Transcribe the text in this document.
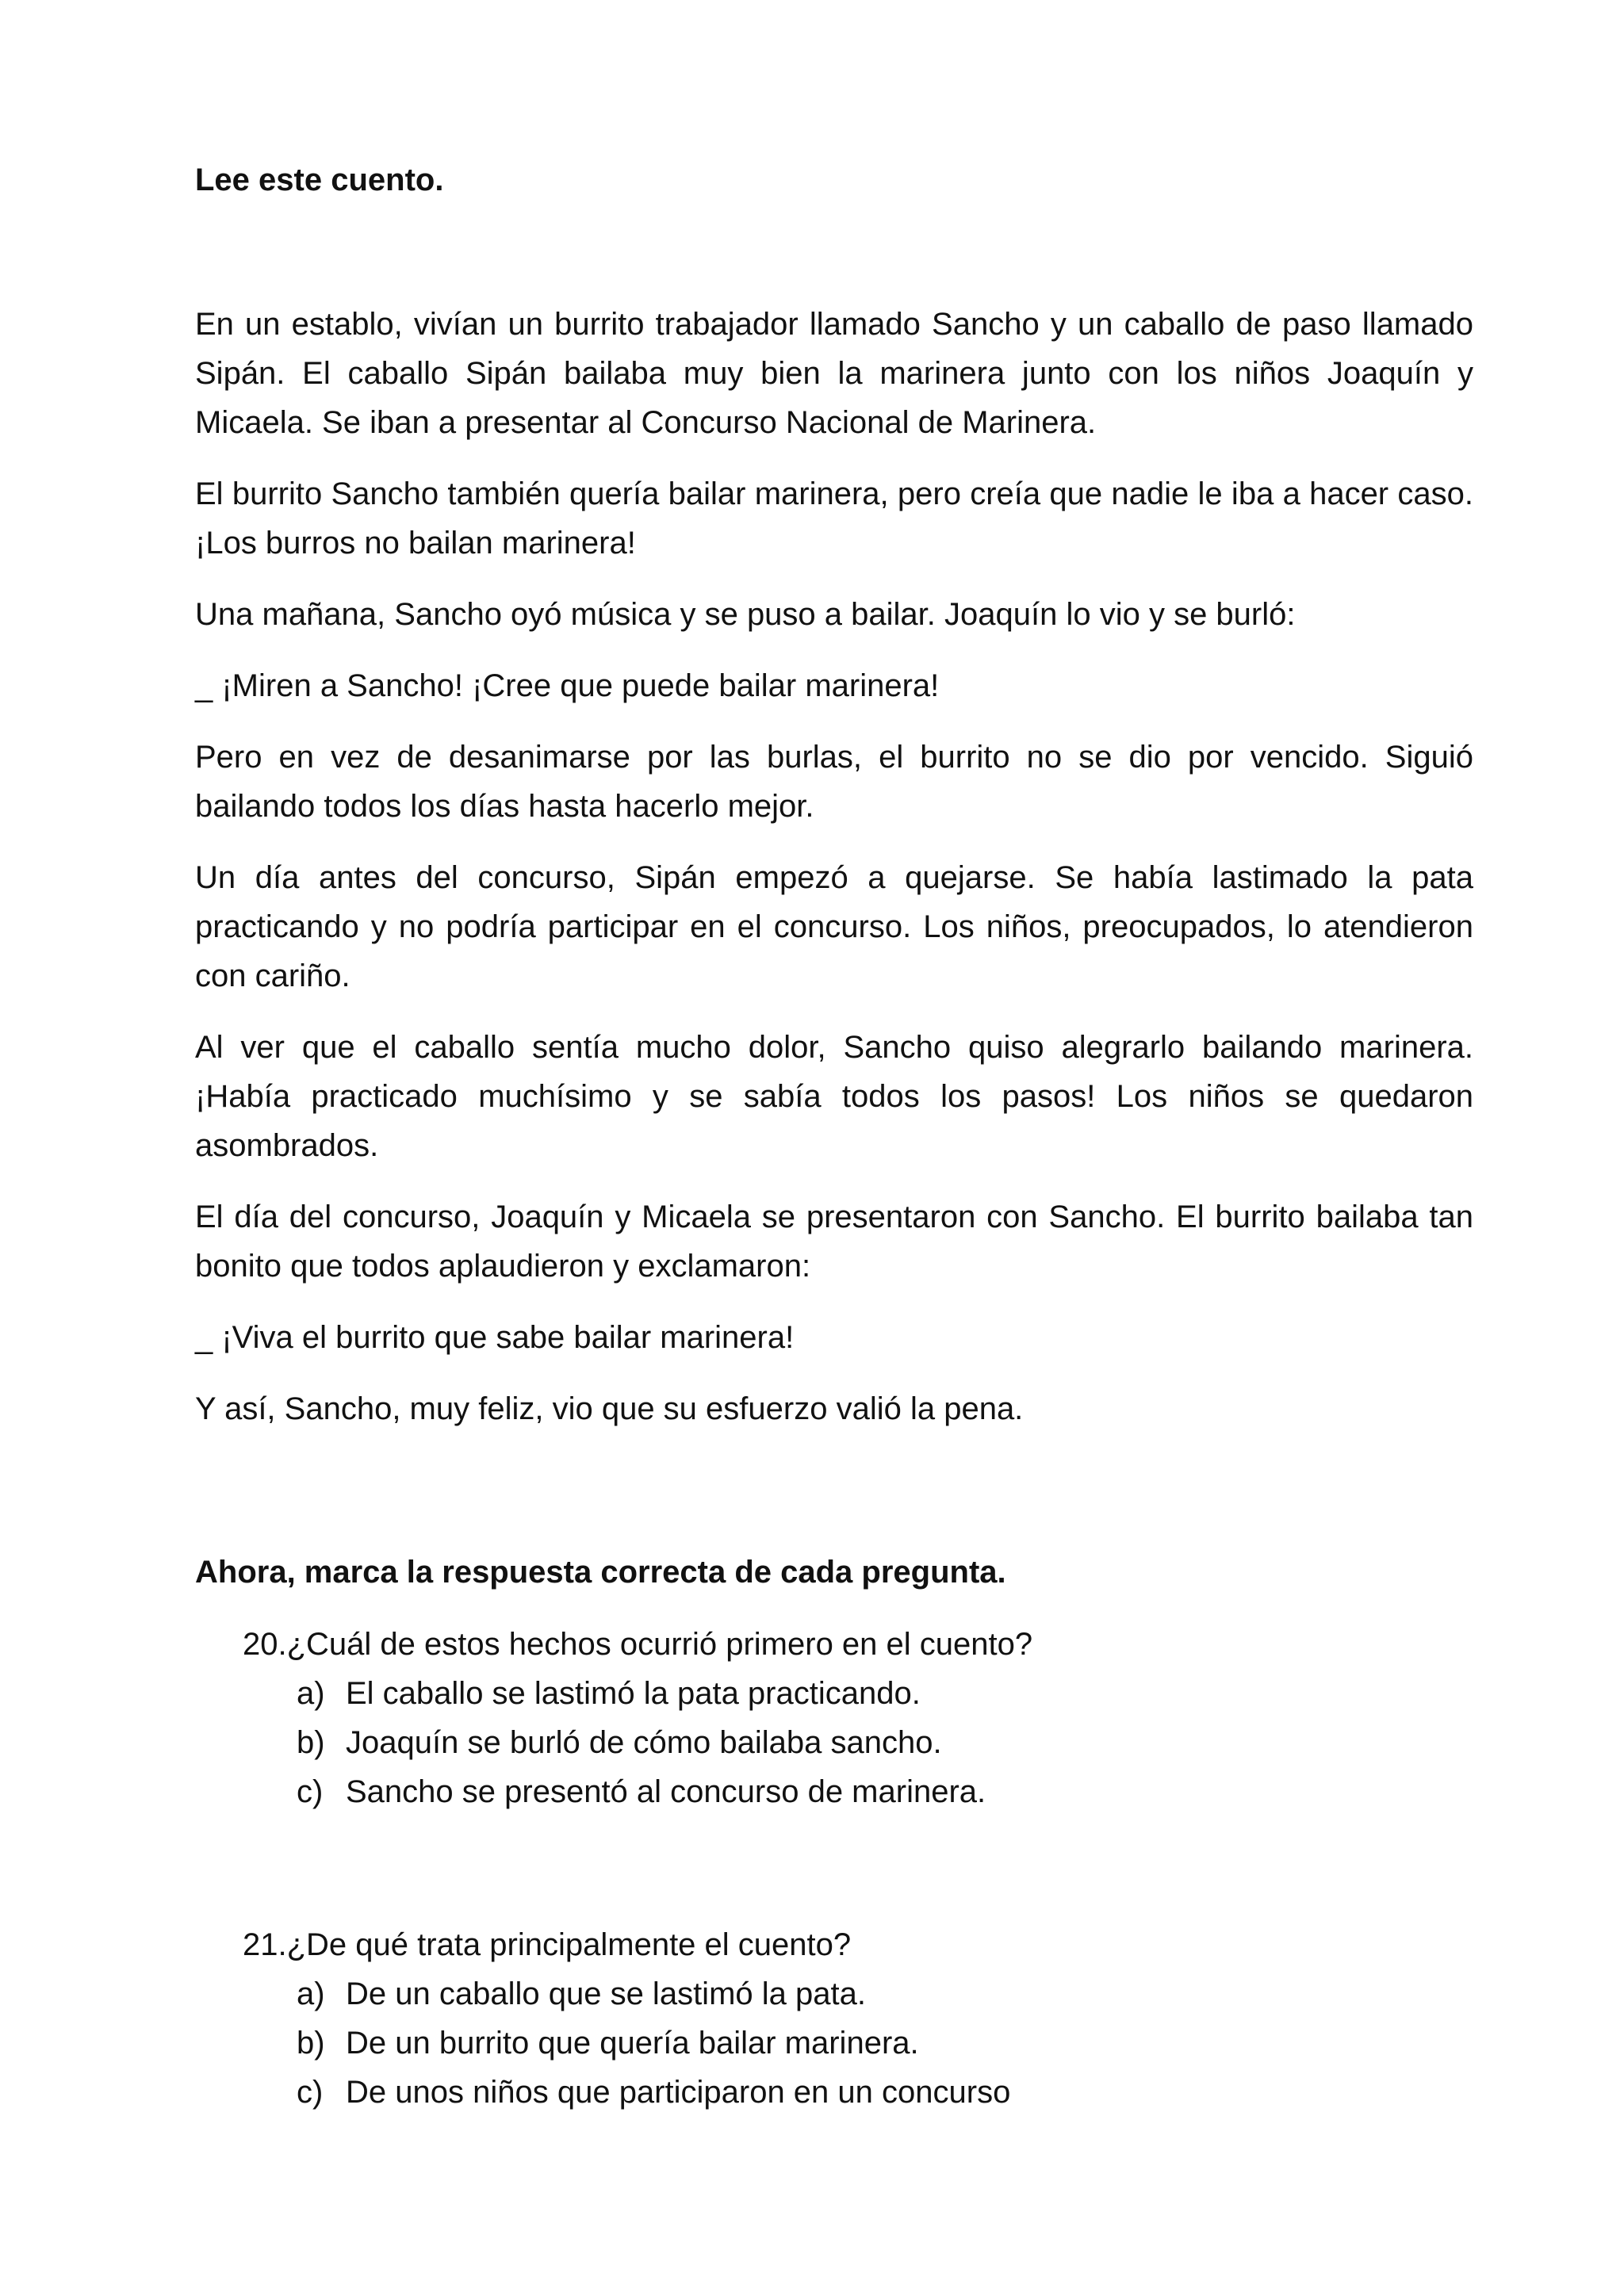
Lee este cuento.

En un establo, vivían un burrito trabajador llamado Sancho y un caballo de paso llamado Sipán. El caballo Sipán bailaba muy bien la marinera junto con los niños Joaquín y Micaela. Se iban a presentar al Concurso Nacional de Marinera.

El burrito Sancho también quería bailar marinera, pero creía que nadie le iba a hacer caso. ¡Los burros no bailan marinera!

Una mañana, Sancho oyó música y se puso a bailar. Joaquín lo vio y se burló:

_ ¡Miren a Sancho! ¡Cree que puede bailar marinera!

Pero en vez de desanimarse por las burlas, el burrito no se dio por vencido. Siguió bailando todos los días hasta hacerlo mejor.

Un día antes del concurso, Sipán empezó a quejarse. Se había lastimado la pata practicando y no podría participar en el concurso. Los niños, preocupados, lo atendieron con cariño.

Al ver que el caballo sentía mucho dolor, Sancho quiso alegrarlo bailando marinera. ¡Había practicado muchísimo y se sabía todos los pasos! Los niños se quedaron asombrados.

El día del concurso, Joaquín y Micaela se presentaron con Sancho. El burrito bailaba tan bonito que todos aplaudieron y exclamaron:

_ ¡Viva el burrito que sabe bailar marinera!

Y así, Sancho, muy feliz, vio que su esfuerzo valió la pena.

Ahora, marca la respuesta correcta de cada pregunta.

20.¿Cuál de estos hechos ocurrió primero en el cuento?

a) El caballo se lastimó la pata practicando.
b) Joaquín se burló de cómo bailaba sancho.
c) Sancho se presentó al concurso de marinera.

21.¿De qué trata principalmente el cuento?

a) De un caballo que se lastimó la pata.
b) De un burrito que quería bailar marinera.
c) De unos niños que participaron en un concurso
